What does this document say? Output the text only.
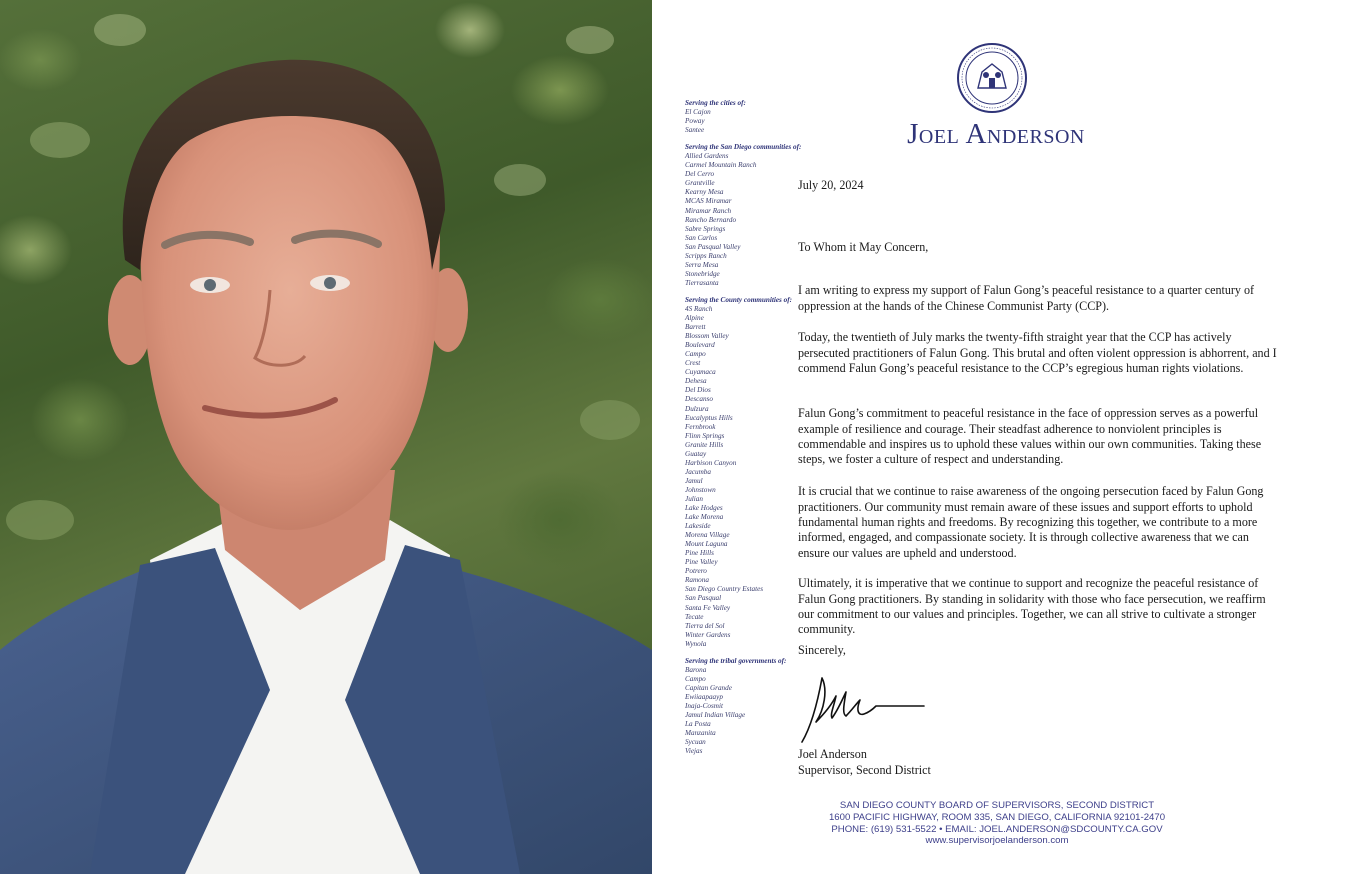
Joel Anderson
Serving the cities of:
El Cajon
Poway
Santee
Serving the San Diego communities of:
Allied Gardens
Carmel Mountain Ranch
Del Cerro
Grantville
Kearny Mesa
MCAS Miramar
Miramar Ranch
Rancho Bernardo
Sabre Springs
San Carlos
San Pasqual Valley
Scripps Ranch
Serra Mesa
Stonebridge
Tierrasanta
Serving the County communities of:
4S Ranch
Alpine
Barrett
Blossom Valley
Boulevard
Campo
Crest
Cuyamaca
Dehesa
Del Dios
Descanso
Dulzura
Eucalyptus Hills
Fernbrook
Flinn Springs
Granite Hills
Guatay
Harbison Canyon
Jacumba
Jamul
Johnstown
Julian
Lake Hodges
Lake Morena
Lakeside
Morena Village
Mount Laguna
Pine Hills
Pine Valley
Potrero
Ramona
San Diego Country Estates
San Pasqual
Santa Fe Valley
Tecate
Tierra del Sol
Winter Gardens
Wynola
Serving the tribal governments of:
Barona
Campo
Capitan Grande
Ewiiaapaayp
Inaja-Cosmit
Jamul Indian Village
La Posta
Manzanita
Sycuan
Viejas
July 20, 2024
To Whom it May Concern,

I am writing to express my support of Falun Gong’s peaceful resistance to a quarter century of oppression at the hands of the Chinese Communist Party (CCP).

Today, the twentieth of July marks the twenty-fifth straight year that the CCP has actively persecuted practitioners of Falun Gong. This brutal and often violent oppression is abhorrent, and I commend Falun Gong’s peaceful resistance to the CCP’s egregious human rights violations.

Falun Gong’s commitment to peaceful resistance in the face of oppression serves as a powerful example of resilience and courage. Their steadfast adherence to nonviolent principles is commendable and inspires us to uphold these values within our own communities. Taking these steps, we foster a culture of respect and understanding.

It is crucial that we continue to raise awareness of the ongoing persecution faced by Falun Gong practitioners. Our community must remain aware of these issues and support efforts to uphold fundamental human rights and freedoms. By recognizing this together, we contribute to a more informed, engaged, and compassionate society. It is through collective awareness that we can ensure our values are upheld and understood.

Ultimately, it is imperative that we continue to support and recognize the peaceful resistance of Falun Gong practitioners. By standing in solidarity with those who face persecution, we reaffirm our commitment to our values and principles. Together, we can all strive to cultivate a stronger community.

Sincerely,
Joel Anderson
Supervisor, Second District
SAN DIEGO COUNTY BOARD OF SUPERVISORS, SECOND DISTRICT
1600 PACIFIC HIGHWAY, ROOM 335, SAN DIEGO, CALIFORNIA 92101-2470
PHONE: (619) 531-5522 • EMAIL: JOEL.ANDERSON@SDCOUNTY.CA.GOV
www.supervisorjoelanderson.com
